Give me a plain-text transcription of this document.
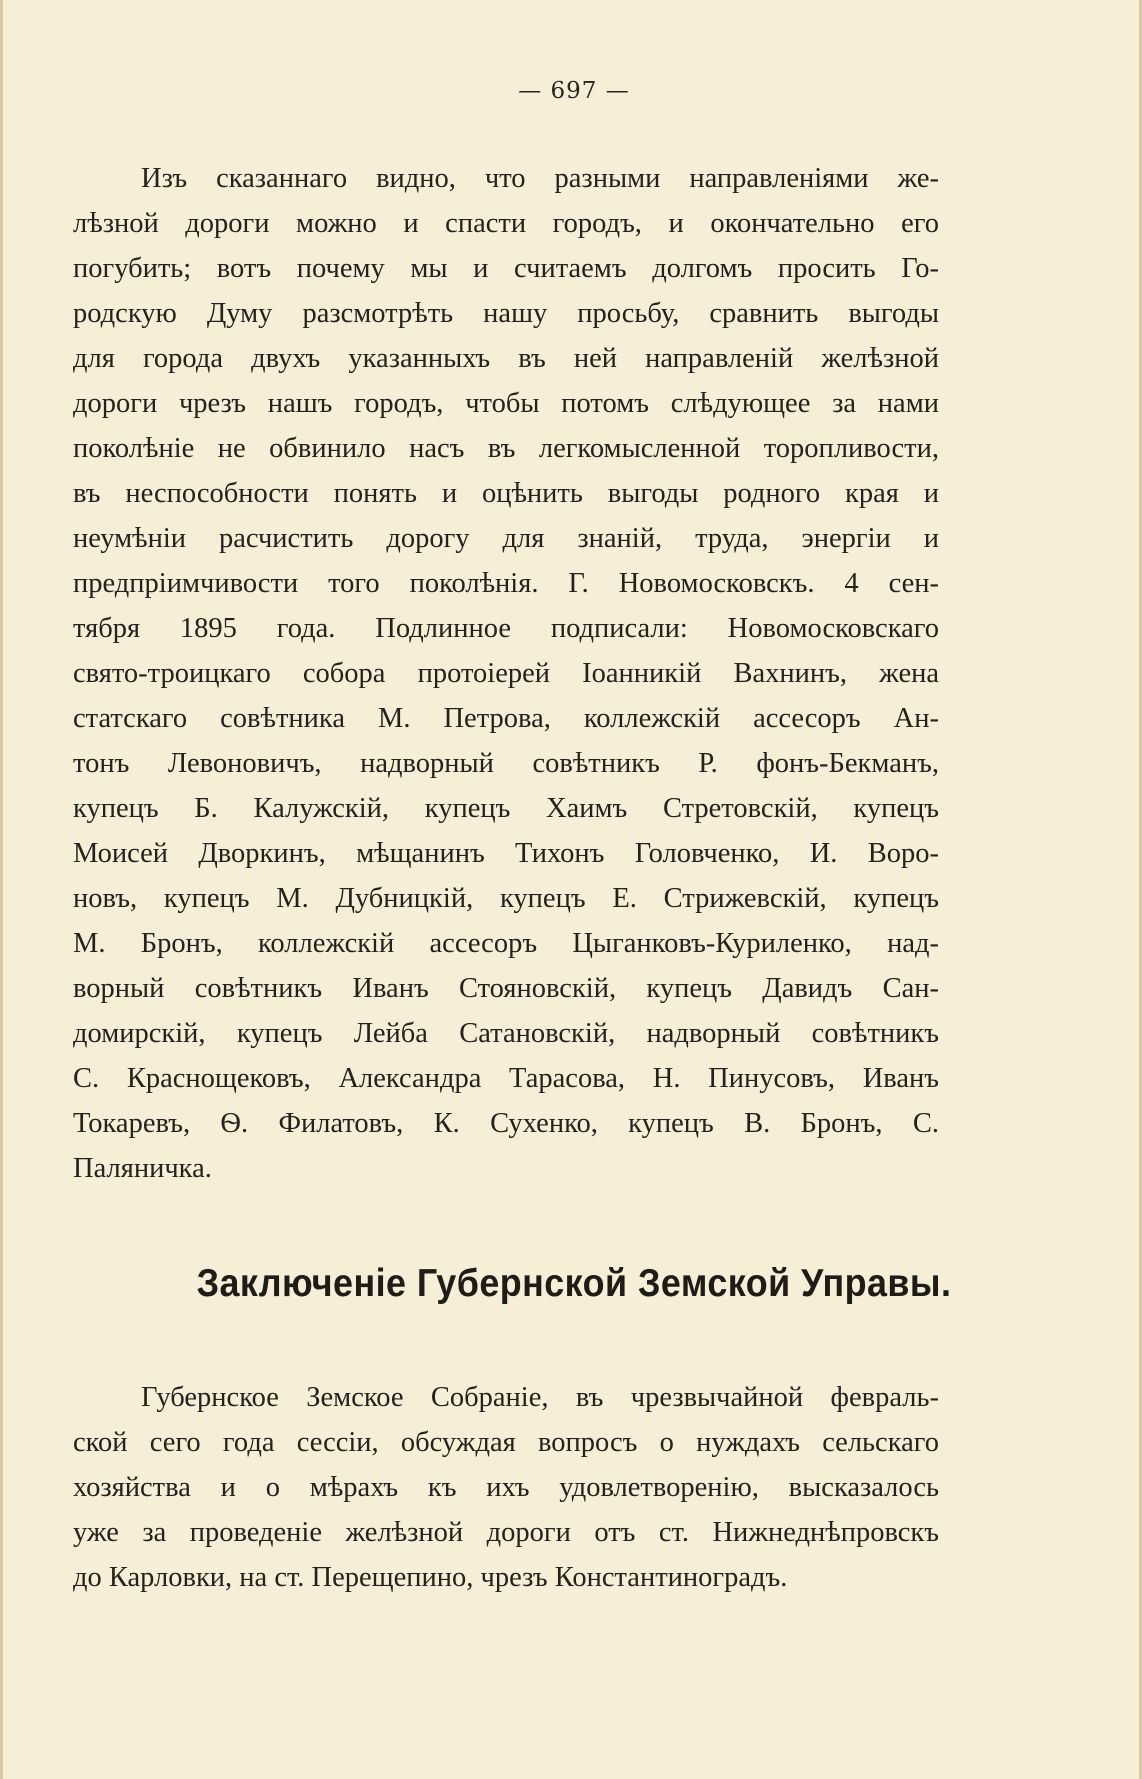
— 697 —
Изъ сказаннаго видно, что разными направленіями же-
лѣзной дороги можно и спасти городъ, и окончательно его
погубить; вотъ почему мы и считаемъ долгомъ просить Го-
родскую Думу разсмотрѣть нашу просьбу, сравнить выгоды
для города двухъ указанныхъ въ ней направленій желѣзной
дороги чрезъ нашъ городъ, чтобы потомъ слѣдующее за нами
поколѣніе не обвинило насъ въ легкомысленной торопливости,
въ неспособности понять и оцѣнить выгоды родного края и
неумѣніи расчистить дорогу для знаній, труда, энергіи и
предпріимчивости того поколѣнія. Г. Новомосковскъ. 4 сен-
тября 1895 года. Подлинное подписали: Новомосковскаго
свято-троицкаго собора протоіерей Іоанникій Вахнинъ, жена
статскаго совѣтника М. Петрова, коллежскій ассесоръ Ан-
тонъ Левоновичъ, надворный совѣтникъ Р. фонъ-Бекманъ,
купецъ Б. Калужскій, купецъ Хаимъ Стретовскій, купецъ
Моисей Дворкинъ, мѣщанинъ Тихонъ Головченко, И. Воро-
новъ, купецъ М. Дубницкій, купецъ Е. Стрижевскій, купецъ
М. Бронъ, коллежскій ассесоръ Цыганковъ-Куриленко, над-
ворный совѣтникъ Иванъ Стояновскій, купецъ Давидъ Сан-
домирскій, купецъ Лейба Сатановскій, надворный совѣтникъ
С. Краснощековъ, Александра Тарасова, Н. Пинусовъ, Иванъ
Токаревъ, Ѳ. Филатовъ, К. Сухенко, купецъ В. Бронъ, С.
Паляничка.
Заключеніе Губернской Земской Управы.
Губернское Земское Собраніе, въ чрезвычайной февраль-
ской сего года сессіи, обсуждая вопросъ о нуждахъ сельскаго
хозяйства и о мѣрахъ къ ихъ удовлетворенію, высказалось
уже за проведеніе желѣзной дороги отъ ст. Нижнеднѣпровскъ
до Карловки, на ст. Перещепино, чрезъ Константиноградъ.
